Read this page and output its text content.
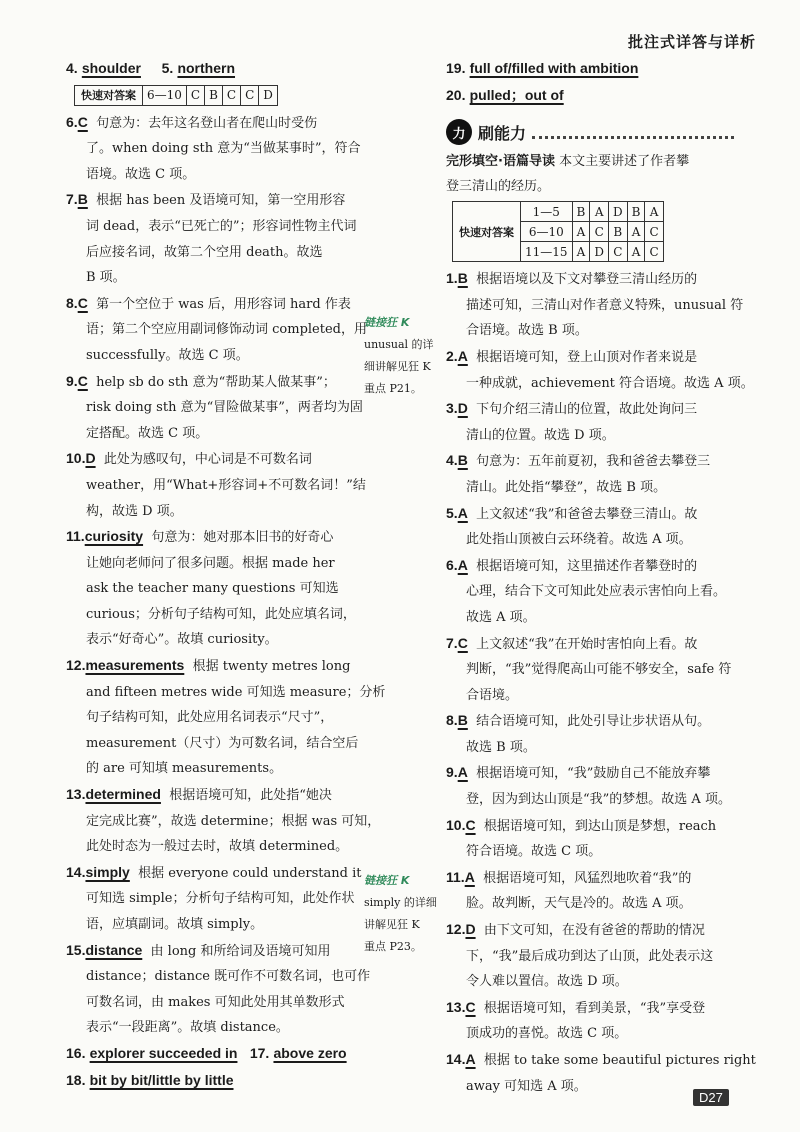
批注式详答与详析
4. shoulder 5. northern
快速对答案	6—10	C	B	C	C	D
6.C 句意为：去年这名登山者在爬山时受伤
了。when doing sth 意为“当做某事时”，符合
语境。故选 C 项。
7.B 根据 has been 及语境可知，第一空用形容
词 dead，表示“已死亡的”；形容词性物主代词
后应接名词，故第二个空用 death。故选
B 项。
8.C 第一个空位于 was 后，用形容词 hard 作表
语；第二个空应用副词修饰动词 completed，用
successfully。故选 C 项。
9.C help sb do sth 意为“帮助某人做某事”；
risk doing sth 意为“冒险做某事”，两者均为固
定搭配。故选 C 项。
10.D 此处为感叹句，中心词是不可数名词
weather，用“What+形容词+不可数名词！”结
构，故选 D 项。
11.curiosity 句意为：她对那本旧书的好奇心
让她向老师问了很多问题。根据 made her
ask the teacher many questions 可知选
curious；分析句子结构可知，此处应填名词，
表示“好奇心”。故填 curiosity。
12.measurements 根据 twenty metres long
and fifteen metres wide 可知选 measure；分析
句子结构可知，此处应用名词表示“尺寸”，
measurement（尺寸）为可数名词，结合空后
的 are 可知填 measurements。
13.determined 根据语境可知，此处指“她决
定完成比赛”，故选 determine；根据 was 可知，
此处时态为一般过去时，故填 determined。
14.simply 根据 everyone could understand it
可知选 simple；分析句子结构可知，此处作状
语，应填副词。故填 simply。
15.distance 由 long 和所给词及语境可知用
distance；distance 既可作不可数名词，也可作
可数名词，由 makes 可知此处用其单数形式
表示“一段距离”。故填 distance。
16. explorer succeeded in 17. above zero
18. bit by bit/little by little
链接狂 K
unusual 的详
细讲解见狂 K
重点 P21。
链接狂 K
simply 的详细
讲解见狂 K
重点 P23。
19. full of/filled with ambition
20. pulled；out of
力 刷能力
完形填空·语篇导读 本文主要讲述了作者攀
登三清山的经历。
快速对答案	1—5	B	A	D	B	A
	6—10	A	C	B	A	C
	11—15	A	D	C	A	C
1.B 根据语境以及下文对攀登三清山经历的
描述可知，三清山对作者意义特殊，unusual 符
合语境。故选 B 项。
2.A 根据语境可知，登上山顶对作者来说是
一种成就，achievement 符合语境。故选 A 项。
3.D 下句介绍三清山的位置，故此处询问三
清山的位置。故选 D 项。
4.B 句意为：五年前夏初，我和爸爸去攀登三
清山。此处指“攀登”，故选 B 项。
5.A 上文叙述“我”和爸爸去攀登三清山。故
此处指山顶被白云环绕着。故选 A 项。
6.A 根据语境可知，这里描述作者攀登时的
心理，结合下文可知此处应表示害怕向上看。
故选 A 项。
7.C 上文叙述“我”在开始时害怕向上看。故
判断，“我”觉得爬高山可能不够安全，safe 符
合语境。
8.B 结合语境可知，此处引导让步状语从句。
故选 B 项。
9.A 根据语境可知，“我”鼓励自己不能放弃攀
登，因为到达山顶是“我”的梦想。故选 A 项。
10.C 根据语境可知，到达山顶是梦想，reach
符合语境。故选 C 项。
11.A 根据语境可知，风猛烈地吹着“我”的
脸。故判断，天气是冷的。故选 A 项。
12.D 由下文可知，在没有爸爸的帮助的情况
下，“我”最后成功到达了山顶，此处表示这
令人难以置信。故选 D 项。
13.C 根据语境可知，看到美景，“我”享受登
顶成功的喜悦。故选 C 项。
14.A 根据 to take some beautiful pictures right
away 可知选 A 项。
D27
